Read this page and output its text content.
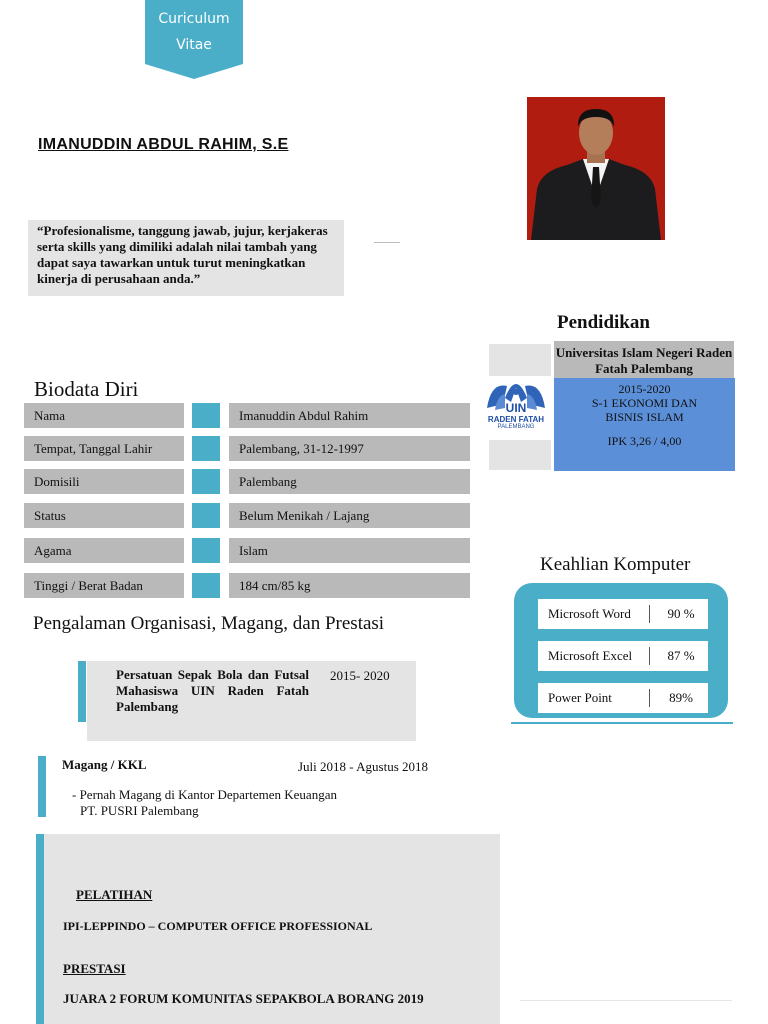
Curiculum
Vitae
IMANUDDIN ABDUL RAHIM, S.E
“Profesionalisme, tanggung jawab, jujur, kerjakeras serta skills yang dimiliki adalah nilai tambah yang dapat saya tawarkan untuk turut meningkatkan kinerja di perusahaan anda.”
Pendidikan
UIN
RADEN FATAH
PALEMBANG
Universitas Islam Negeri Raden Fatah Palembang
2015-2020
S-1 EKONOMI DAN BISNIS ISLAM
IPK 3,26 / 4,00
Biodata Diri
Nama	Imanuddin Abdul Rahim
Tempat, Tanggal Lahir	Palembang, 31-12-1997
Domisili	Palembang
Status	Belum Menikah / Lajang
Agama	Islam
Tinggi / Berat Badan	184 cm/85 kg
Keahlian Komputer
Microsoft Word	90 %
Microsoft Excel	87 %
Power Point	89%
Pengalaman Organisasi, Magang, dan Prestasi
Persatuan Sepak Bola dan Futsal Mahasiswa UIN Raden Fatah Palembang
2015- 2020
Magang / KKL	Juli 2018 - Agustus 2018
- Pernah Magang di Kantor Departemen Keuangan
PT. PUSRI Palembang
PELATIHAN
IPI-LEPPINDO – COMPUTER OFFICE PROFESSIONAL
PRESTASI
JUARA 2 FORUM KOMUNITAS SEPAKBOLA BORANG 2019
